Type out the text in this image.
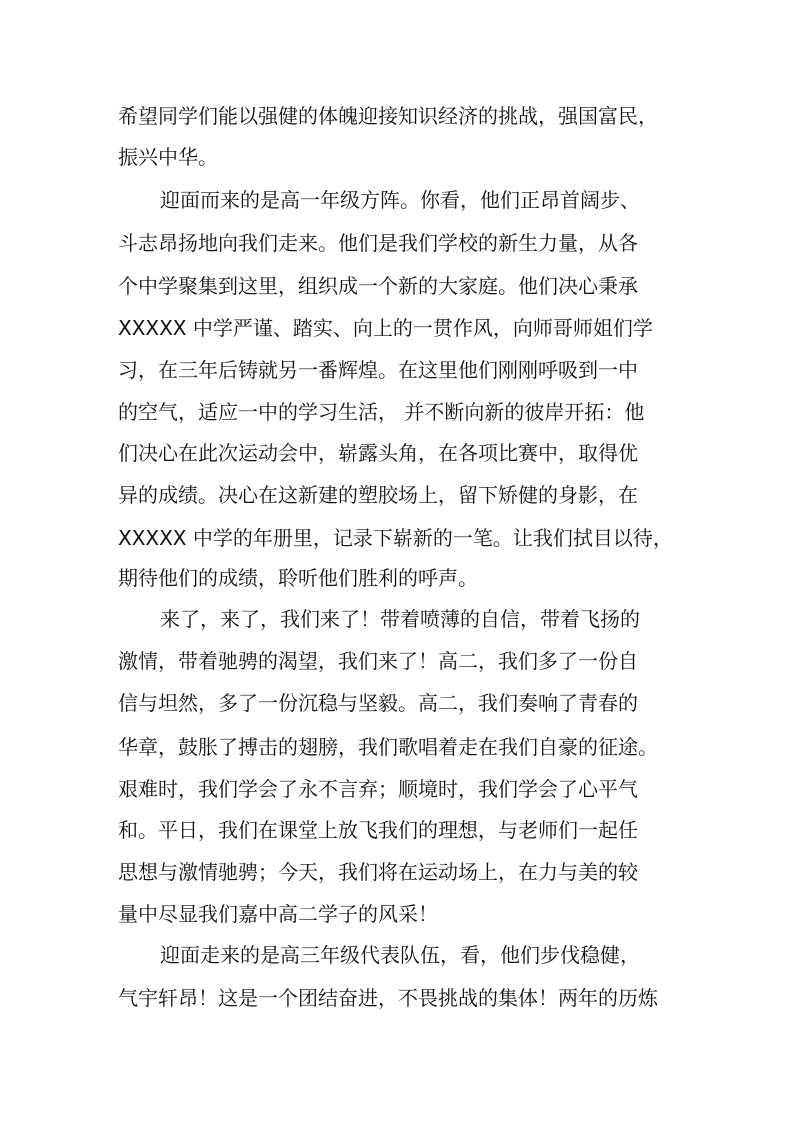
希望同学们能以强健的体魄迎接知识经济的挑战，强国富民，
振兴中华。
迎面而来的是高一年级方阵。你看，他们正昂首阔步、
斗志昂扬地向我们走来。他们是我们学校的新生力量，从各
个中学聚集到这里，组织成一个新的大家庭。他们决心秉承
XXXXX 中学严谨、踏实、向上的一贯作风，向师哥师姐们学
习，在三年后铸就另一番辉煌。在这里他们刚刚呼吸到一中
的空气，适应一中的学习生活， 并不断向新的彼岸开拓：他
们决心在此次运动会中，崭露头角，在各项比赛中，取得优
异的成绩。决心在这新建的塑胶场上，留下矫健的身影，在
XXXXX 中学的年册里，记录下崭新的一笔。让我们拭目以待，
期待他们的成绩，聆听他们胜利的呼声。
来了，来了，我们来了！带着喷薄的自信，带着飞扬的
激情，带着驰骋的渴望，我们来了！高二，我们多了一份自
信与坦然，多了一份沉稳与坚毅。高二，我们奏响了青春的
华章，鼓胀了搏击的翅膀，我们歌唱着走在我们自豪的征途。
艰难时，我们学会了永不言弃；顺境时，我们学会了心平气
和。平日，我们在课堂上放飞我们的理想，与老师们一起任
思想与激情驰骋；今天，我们将在运动场上，在力与美的较
量中尽显我们嘉中高二学子的风采！
迎面走来的是高三年级代表队伍，看，他们步伐稳健，
气宇轩昂！这是一个团结奋进，不畏挑战的集体！两年的历炼
